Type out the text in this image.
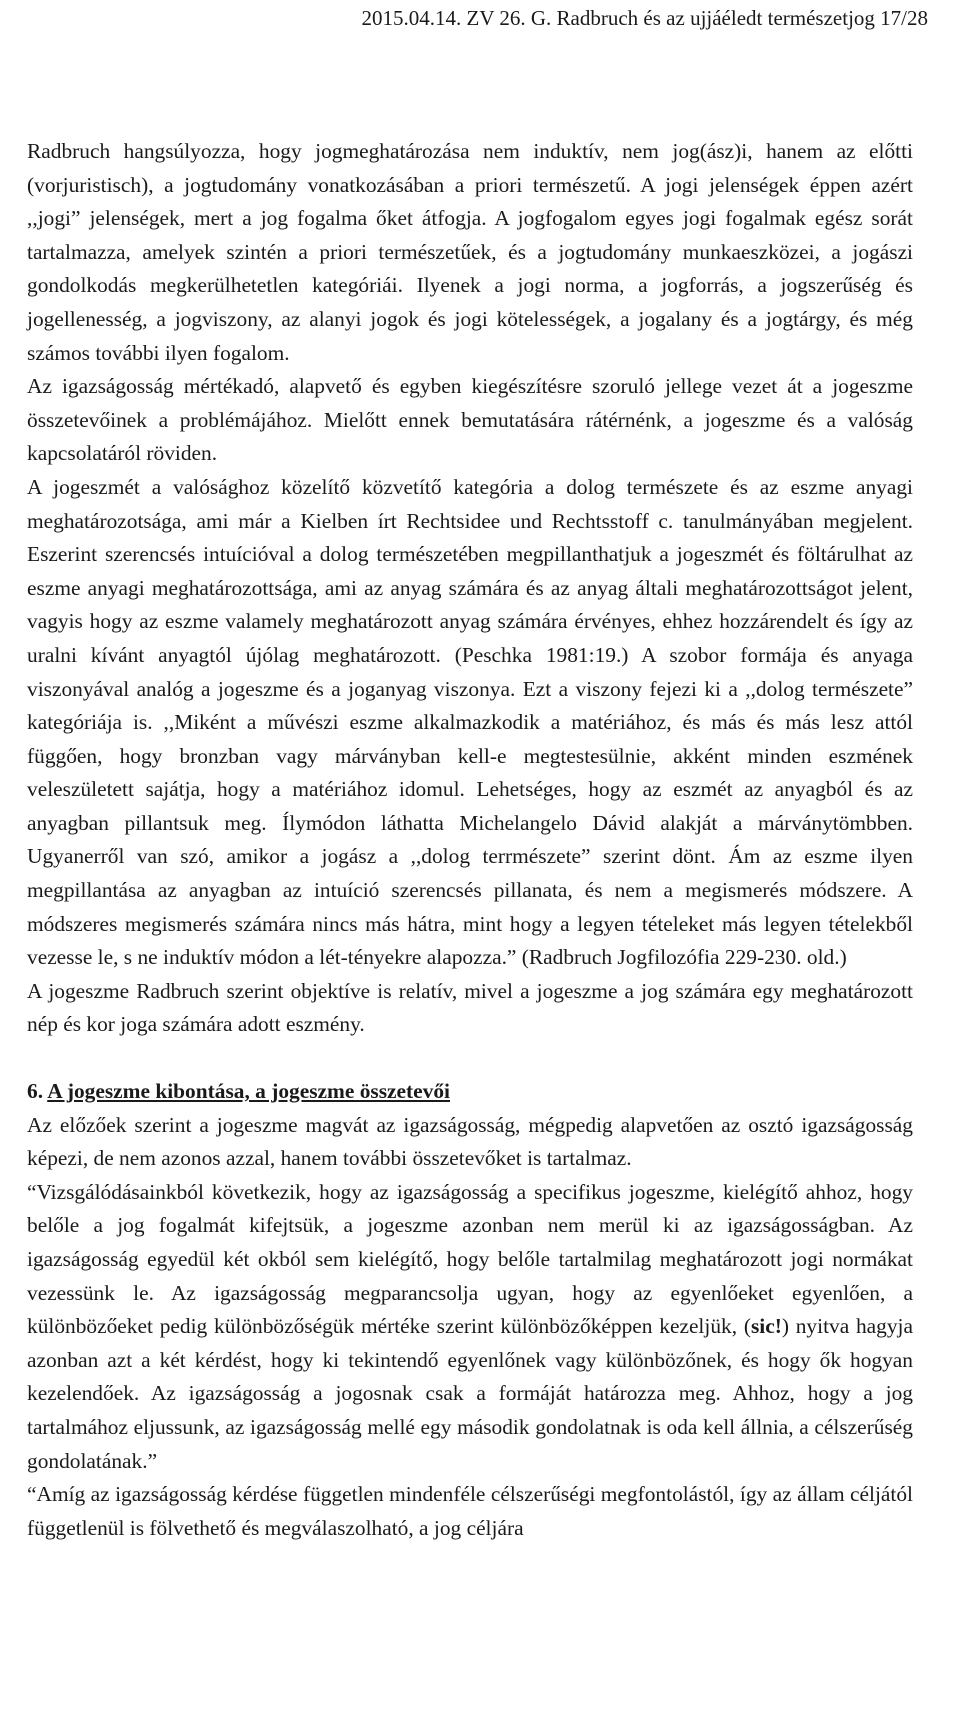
2015.04.14. ZV 26. G. Radbruch és az ujjáéledt természetjog 17/28

Radbruch hangsúlyozza, hogy jogmeghatározása nem induktív, nem jog(ász)i, hanem az előtti (vorjuristisch), a jogtudomány vonatkozásában a priori természetű. A jogi jelenségek éppen azért ,,jogi” jelenségek, mert a jog fogalma őket átfogja. A jogfogalom egyes jogi fogalmak egész sorát tartalmazza, amelyek szintén a priori természetűek, és a jogtudomány munkaeszközei, a jogászi gondolkodás megkerülhetetlen kategóriái. Ilyenek a jogi norma, a jogforrás, a jogszerűség és jogellenesség, a jogviszony, az alanyi jogok és jogi kötelességek, a jogalany és a jogtárgy, és még számos további ilyen fogalom.

Az igazságosság mértékadó, alapvető és egyben kiegészítésre szoruló jellege vezet át a jogeszme összetevőinek a problémájához. Mielőtt ennek bemutatására rátérnénk, a jogeszme és a valóság kapcsolatáról röviden.

A jogeszmét a valósághoz közelítő közvetítő kategória a dolog természete és az eszme anyagi meghatározotsága, ami már a Kielben írt Rechtsidee und Rechtsstoff c. tanulmányában megjelent. Eszerint szerencsés intuícióval a dolog természetében megpillanthatjuk a jogeszmét és föltárulhat az eszme anyagi meghatározottsága, ami az anyag számára és az anyag általi meghatározottságot jelent, vagyis hogy az eszme valamely meghatározott anyag számára érvényes, ehhez hozzárendelt és így az uralni kívánt anyagtól újólag meghatározott. (Peschka 1981:19.) A szobor formája és anyaga viszonyával analóg a jogeszme és a joganyag viszonya. Ezt a viszony fejezi ki a ,,dolog természete” kategóriája is. ,,Miként a művészi eszme alkalmazkodik a matériához, és más és más lesz attól függően, hogy bronzban vagy márványban kell-e megtestesülnie, akként minden eszmének veleszületett sajátja, hogy a matériához idomul. Lehetséges, hogy az eszmét az anyagból és az anyagban pillantsuk meg. Ílymódon láthatta Michelangelo Dávid alakját a márványtömbben. Ugyanerről van szó, amikor a jogász a ,,dolog terrmészete” szerint dönt. Ám az eszme ilyen megpillantása az anyagban az intuíció szerencsés pillanata, és nem a megismerés módszere. A módszeres megismerés számára nincs más hátra, mint hogy a legyen tételeket más legyen tételekből vezesse le, s ne induktív módon a lét-tényekre alapozza.” (Radbruch Jogfilozófia 229-230. old.)

A jogeszme Radbruch szerint objektíve is relatív, mivel a jogeszme a jog számára egy meghatározott nép és kor joga számára adott eszmény.

6. A jogeszme kibontása, a jogeszme összetevői

Az előzőek szerint a jogeszme magvát az igazságosság, mégpedig alapvetően az osztó igazságosság képezi, de nem azonos azzal, hanem további összetevőket is tartalmaz.

“Vizsgálódásainkból következik, hogy az igazságosság a specifikus jogeszme, kielégítő ahhoz, hogy belőle a jog fogalmát kifejtsük, a jogeszme azonban nem merül ki az igazságosságban. Az igazságosság egyedül két okból sem kielégítő, hogy belőle tartalmilag meghatározott jogi normákat vezessünk le. Az igazságosság megparancsolja ugyan, hogy az egyenlőeket egyenlően, a különbözőeket pedig különbözőségük mértéke szerint különbözőképpen kezeljük, (sic!) nyitva hagyja azonban azt a két kérdést, hogy ki tekintendő egyenlőnek vagy különbözőnek, és hogy ők hogyan kezelendőek. Az igazságosság a jogosnak csak a formáját határozza meg. Ahhoz, hogy a jog tartalmához eljussunk, az igazságosság mellé egy második gondolatnak is oda kell állnia, a célszerűség gondolatának.”

“Amíg az igazságosság kérdése független mindenféle célszerűségi megfontolástól, így az állam céljától függetlenül is fölvethető és megválaszolható, a jog céljára
